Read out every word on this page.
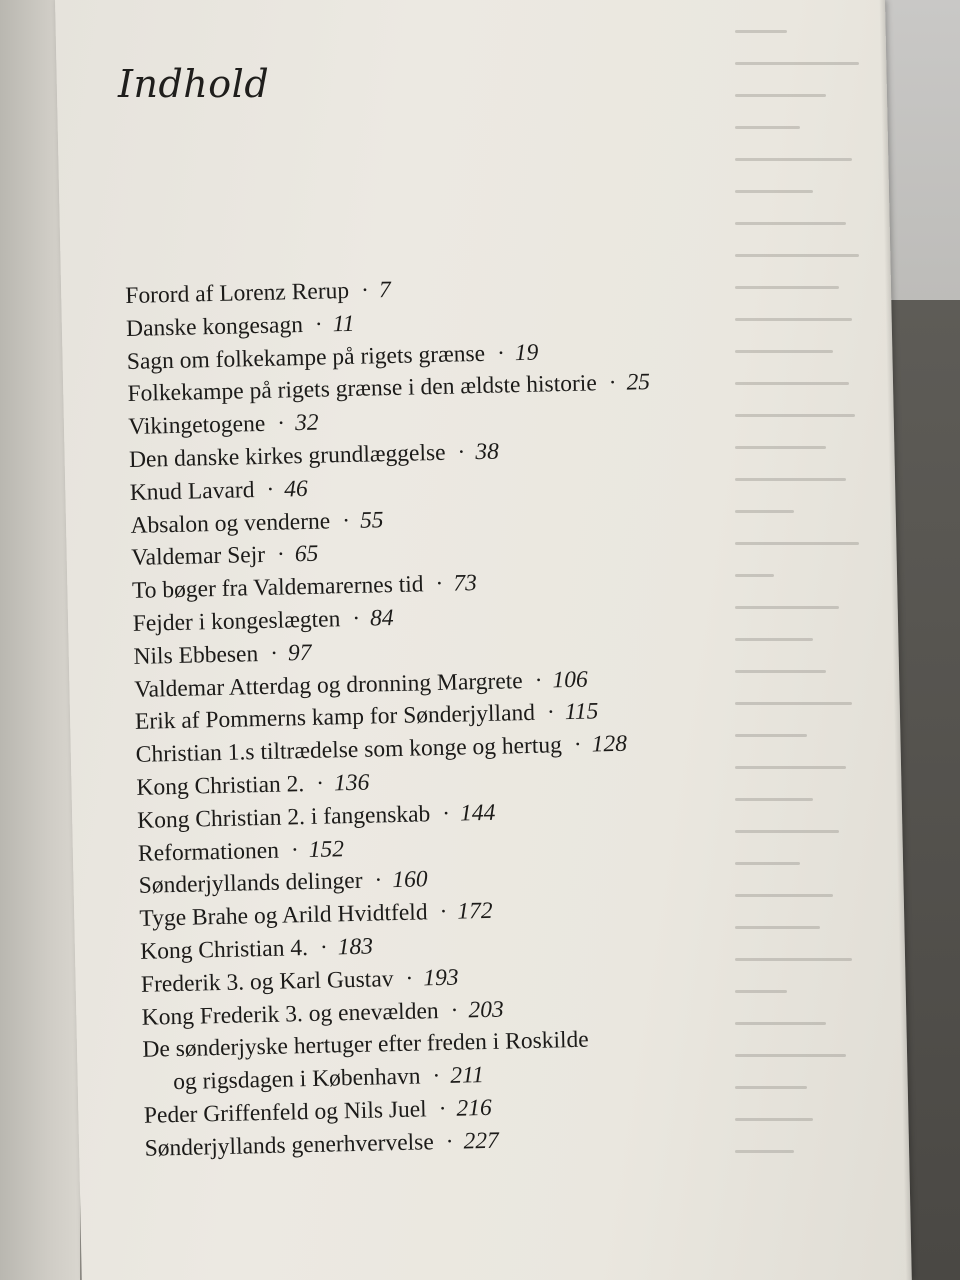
Indhold
Forord af Lorenz Rerup · 7
Danske kongesagn · 11
Sagn om folkekampe på rigets grænse · 19
Folkekampe på rigets grænse i den ældste historie · 25
Vikingetogene · 32
Den danske kirkes grundlæggelse · 38
Knud Lavard · 46
Absalon og venderne · 55
Valdemar Sejr · 65
To bøger fra Valdemarernes tid · 73
Fejder i kongeslægten · 84
Nils Ebbesen · 97
Valdemar Atterdag og dronning Margrete · 106
Erik af Pommerns kamp for Sønderjylland · 115
Christian 1.s tiltrædelse som konge og hertug · 128
Kong Christian 2. · 136
Kong Christian 2. i fangenskab · 144
Reformationen · 152
Sønderjyllands delinger · 160
Tyge Brahe og Arild Hvidtfeld · 172
Kong Christian 4. · 183
Frederik 3. og Karl Gustav · 193
Kong Frederik 3. og enevælden · 203
De sønderjyske hertuger efter freden i Roskilde
og rigsdagen i København · 211
Peder Griffenfeld og Nils Juel · 216
Sønderjyllands generhvervelse · 227
